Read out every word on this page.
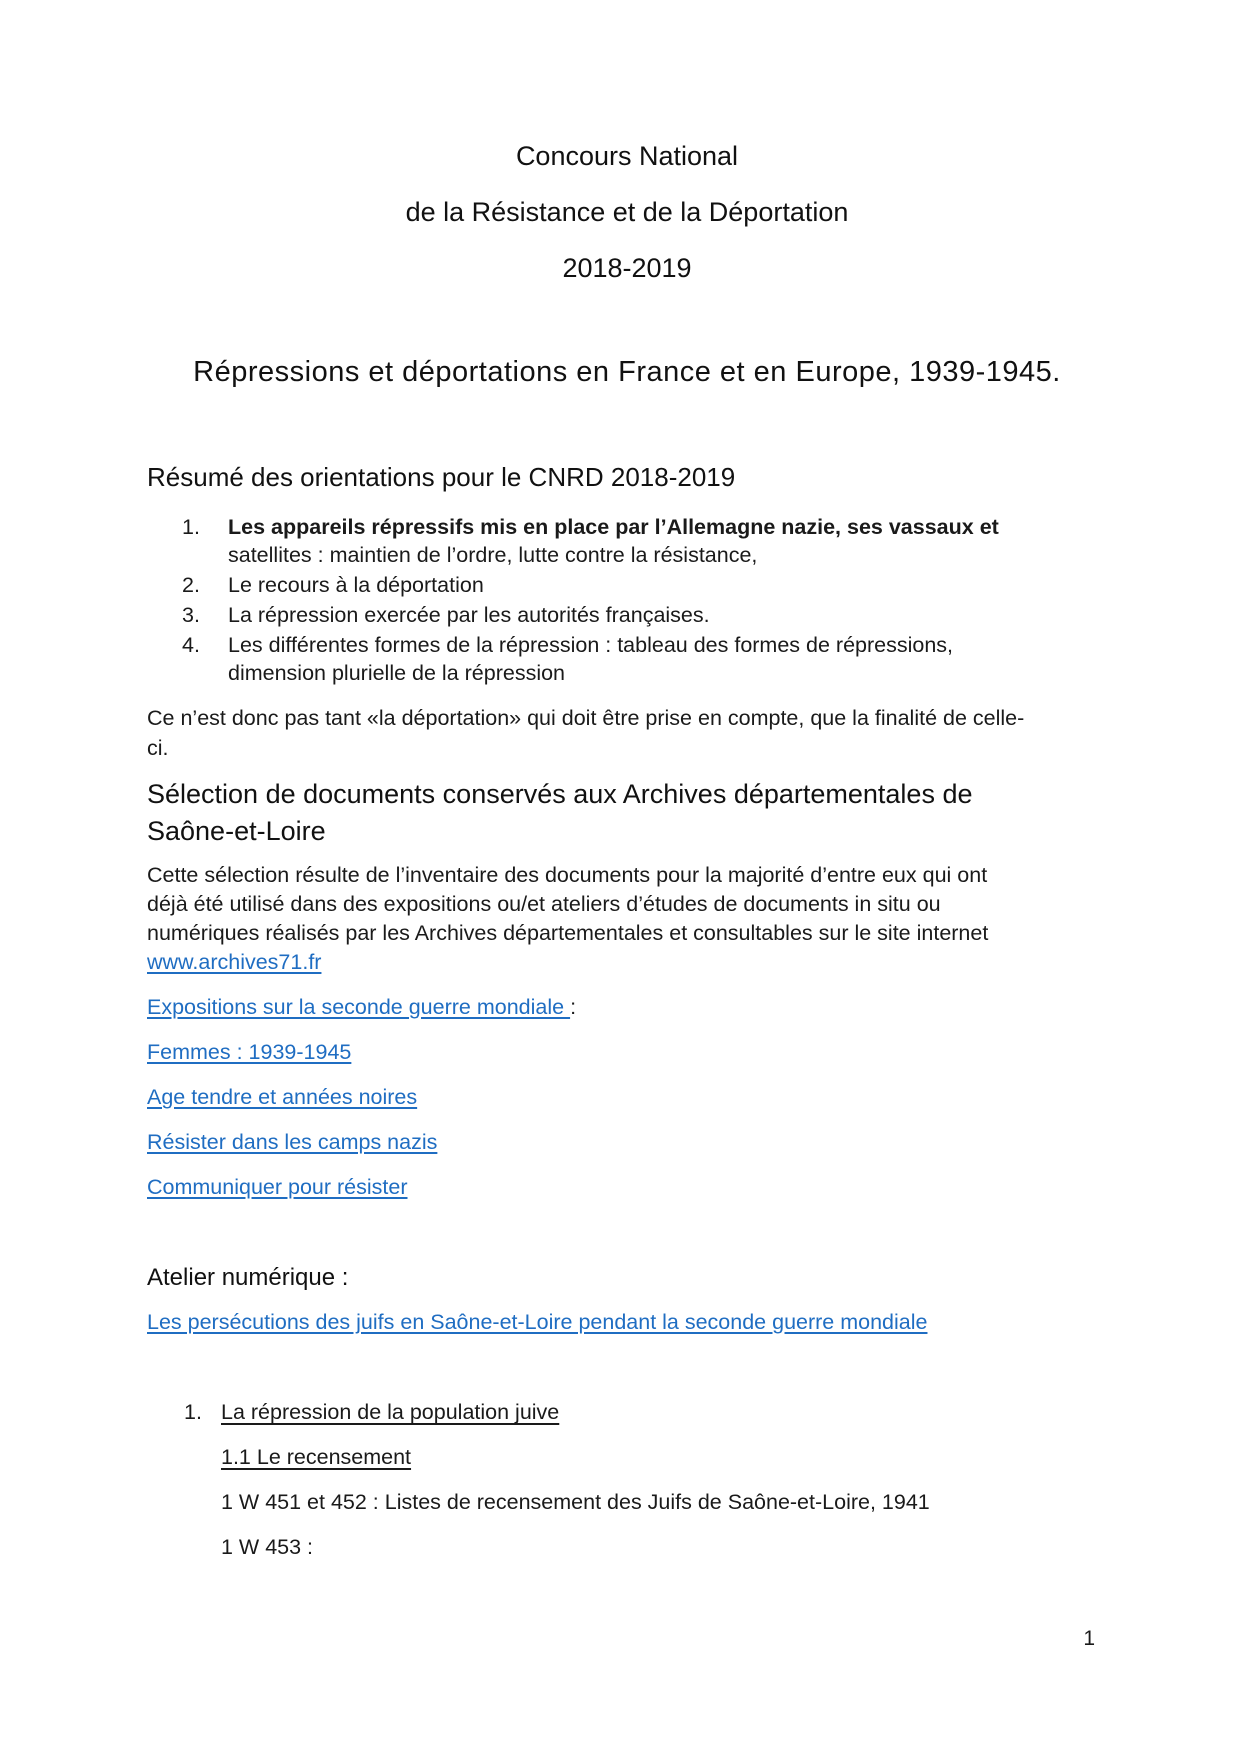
Concours National
de la Résistance et de la Déportation
2018-2019
Répressions et déportations en France et en Europe, 1939-1945.
Résumé des orientations pour le CNRD 2018-2019
1. Les appareils répressifs mis en place par l’Allemagne nazie, ses vassaux et
satellites : maintien de l’ordre, lutte contre la résistance,
2. Le recours à la déportation
3. La répression exercée par les autorités françaises.
4. Les différentes formes de la répression : tableau des formes de répressions,
dimension plurielle de la répression
Ce n’est donc pas tant «la déportation» qui doit être prise en compte, que la finalité de celle-
ci.
Sélection de documents conservés aux Archives départementales de
Saône-et-Loire
Cette sélection résulte de l’inventaire des documents pour la majorité d’entre eux qui ont
déjà été utilisé dans des expositions ou/et ateliers d’études de documents in situ ou
numériques réalisés par les Archives départementales et consultables sur le site internet
www.archives71.fr
Expositions sur la seconde guerre mondiale :
Femmes : 1939-1945
Age tendre et années noires
Résister dans les camps nazis
Communiquer pour résister
Atelier numérique :
Les persécutions des juifs en Saône-et-Loire pendant la seconde guerre mondiale
1. La répression de la population juive
1.1 Le recensement
1 W 451 et 452 : Listes de recensement des Juifs de Saône-et-Loire, 1941
1 W 453 :
1
